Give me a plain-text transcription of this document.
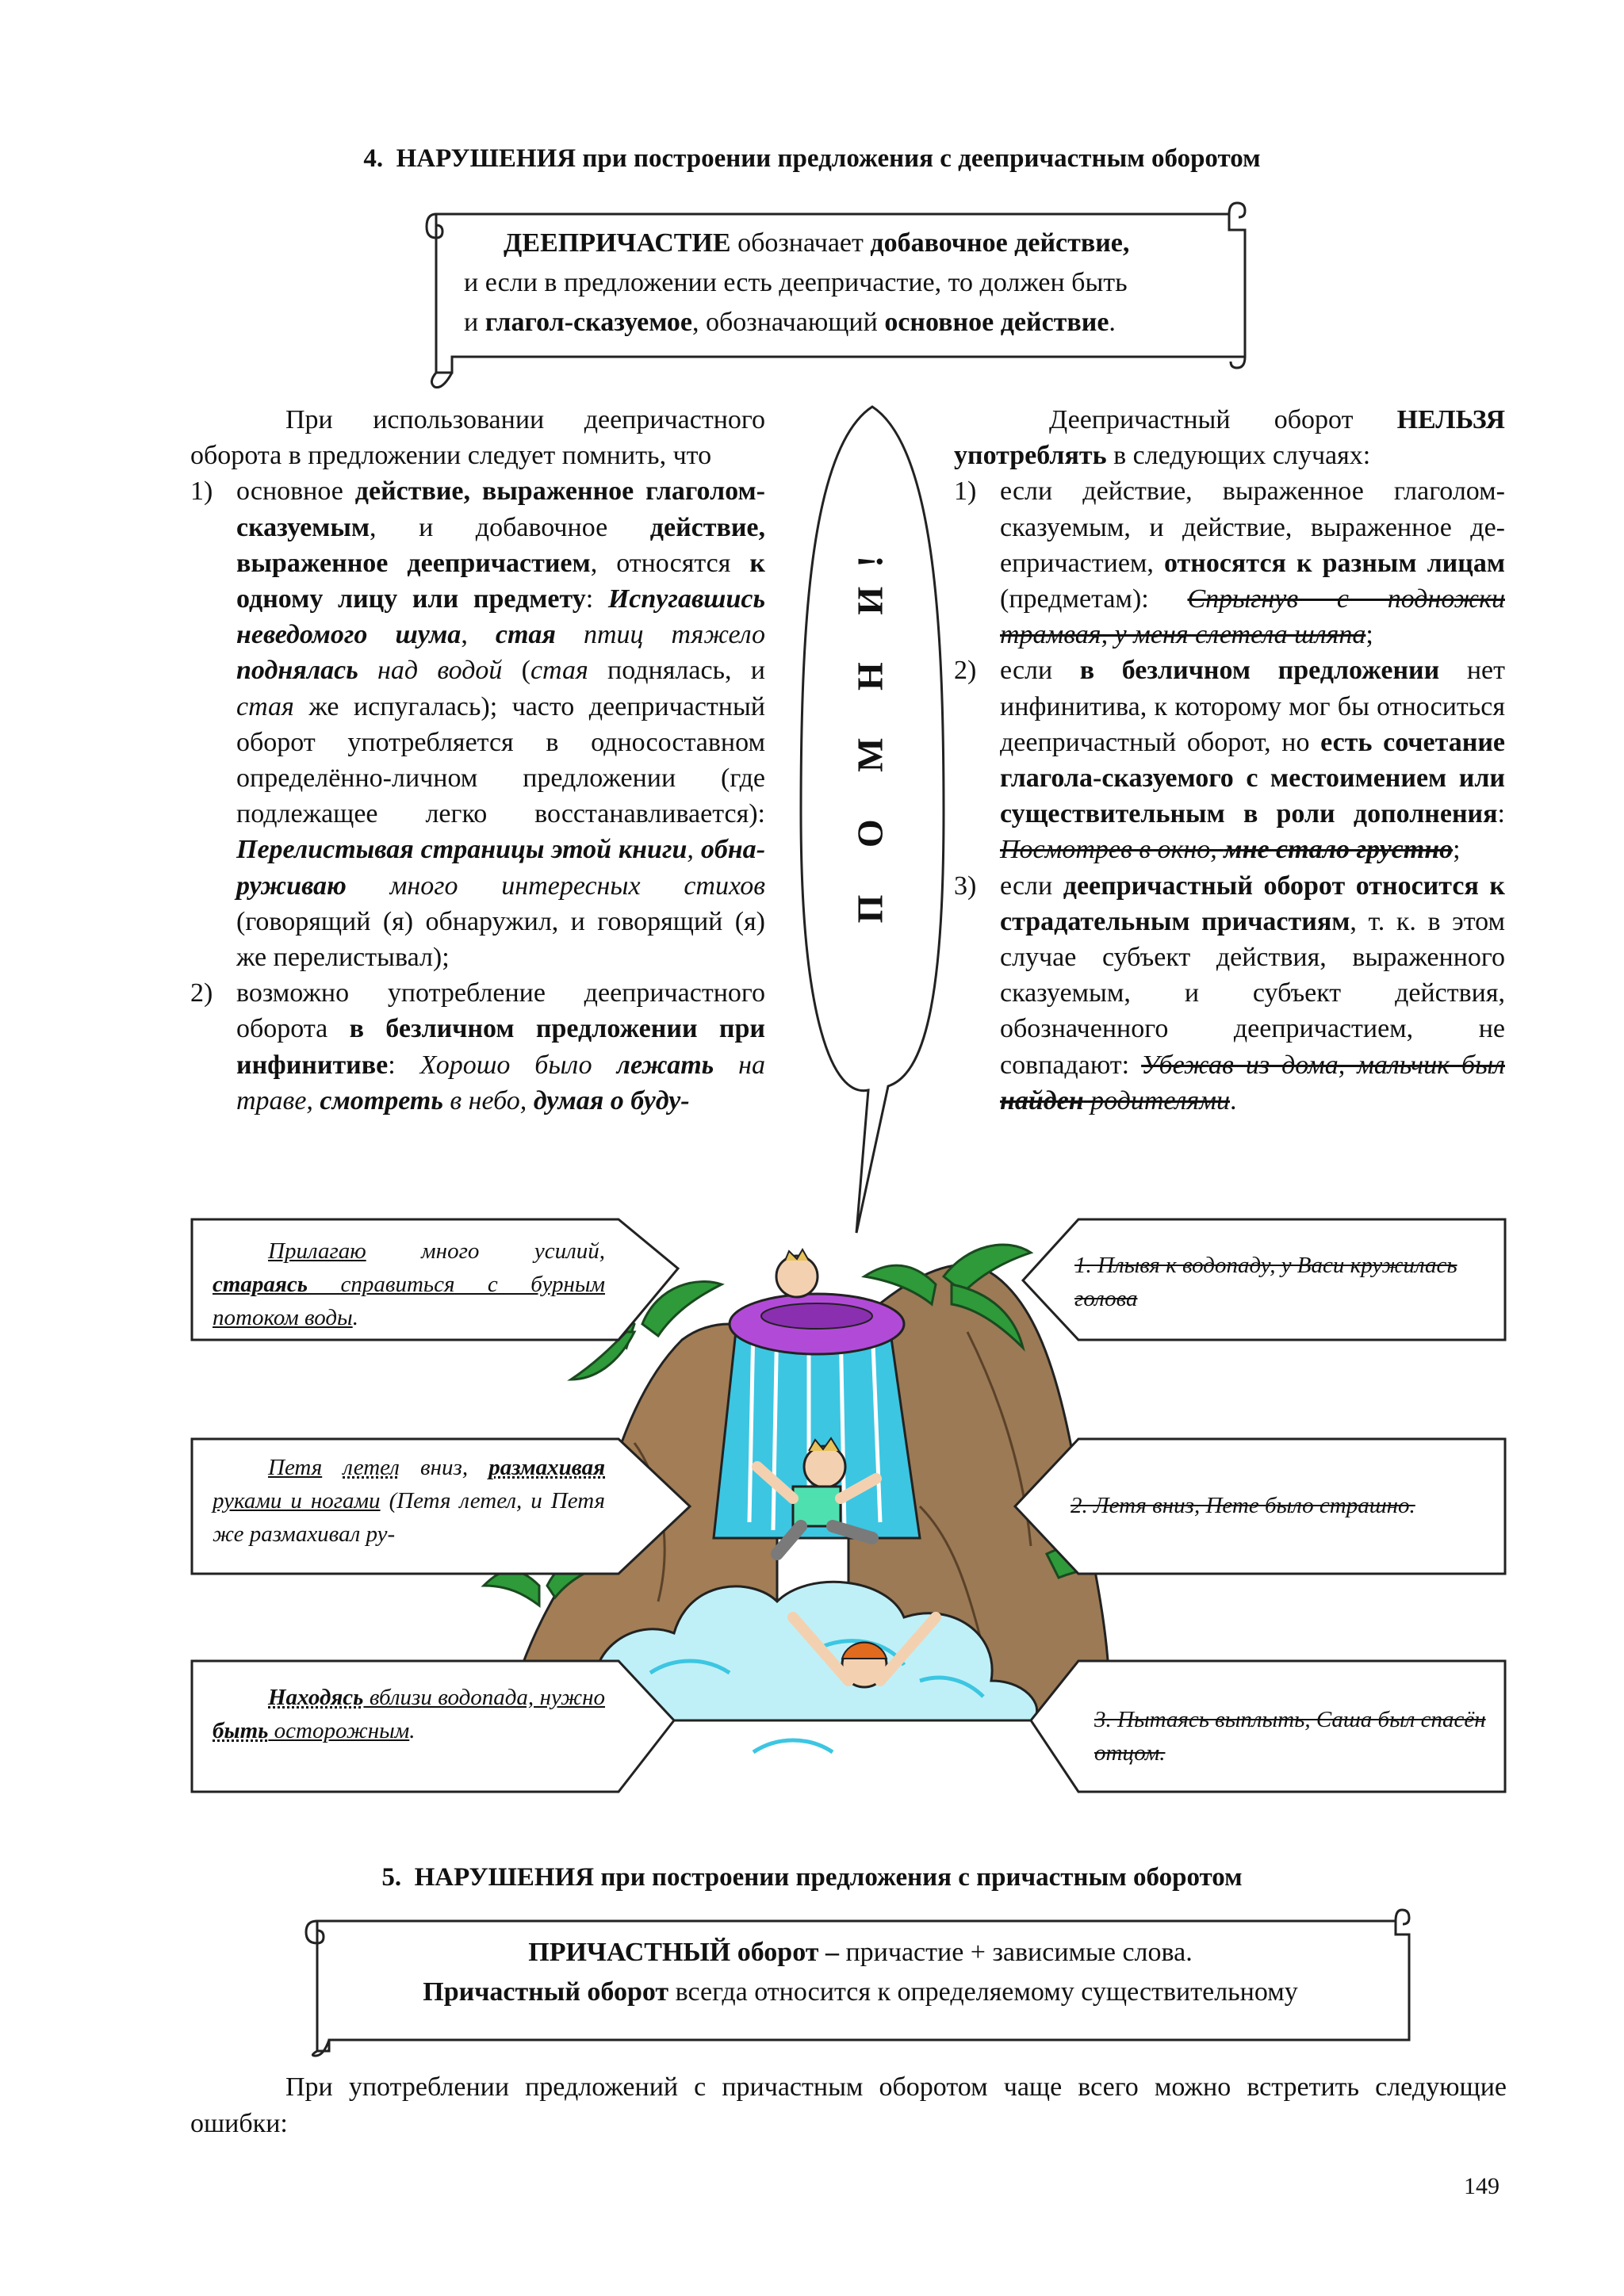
4. НАРУШЕНИЯ при построении предложения с деепричастным оборотом
ДЕЕПРИЧАСТИЕ обозначает добавочное действие,
и если в предложении есть деепричастие, то должен быть
и глагол-сказуемое, обозначающий основное действие.
При использовании деепричастного оборота в предложении следует помнить, что
1) основное действие, выраженное глаголом-сказуемым, и добавочное действие, выраженное деепричастием, относятся к одному лицу или предмету: Испугавшись неведомого шума, стая птиц тяжело поднялась над водой (стая поднялась, и стая же испугалась); часто деепричастный оборот употребляется в односоставном определённо-личном предложении (где подлежащее легко восстанавливается): Перелистывая страницы этой книги, обнаруживаю много интересных стихов (говорящий (я) обнаружил, и говорящий (я) же перелистывал);
2) возможно употребление деепричастного оборота в безличном предложении при инфинитиве: Хорошо было лежать на траве, смотреть в небо, думая о буду-
П О М Н И!
Деепричастный оборот НЕЛЬЗЯ употреблять в следующих случаях:
1) если действие, выраженное глаголом-сказуемым, и действие, выраженное деепричастием, относятся к разным лицам (предметам): Спрыгнув с подножки трамвая, у меня слетела шляпа;
2) если в безличном предложении нет инфинитива, к которому мог бы относиться деепричастный оборот, но есть сочетание глагола-сказуемого с местоимением или существительным в роли дополнения: Посмотрев в окно, мне стало грустно;
3) если деепричастный оборот относится к страдательным причастиям, т. к. в этом случае субъект действия, выраженного сказуемым, и субъект действия, обозначенного деепричастием, не совпадают: Убежав из дома, мальчик был найден родителями.
Прилагаю много усилий, стараясь справиться с бурным потоком воды.
Петя летел вниз, размахивая руками и ногами (Петя летел, и Петя же размахивал ру-
Находясь вблизи водопада, нужно быть осторожным.
1. Плывя к водопаду, у Васи кружилась голова
2. Летя вниз, Пете было страшно.
3. Пытаясь выплыть, Саша был спасён отцом.
5. НАРУШЕНИЯ при построении предложения с причастным оборотом
ПРИЧАСТНЫЙ оборот – причастие + зависимые слова.
Причастный оборот всегда относится к определяемому существительному
При употреблении предложений с причастным оборотом чаще всего можно встретить следующие ошибки:
149
